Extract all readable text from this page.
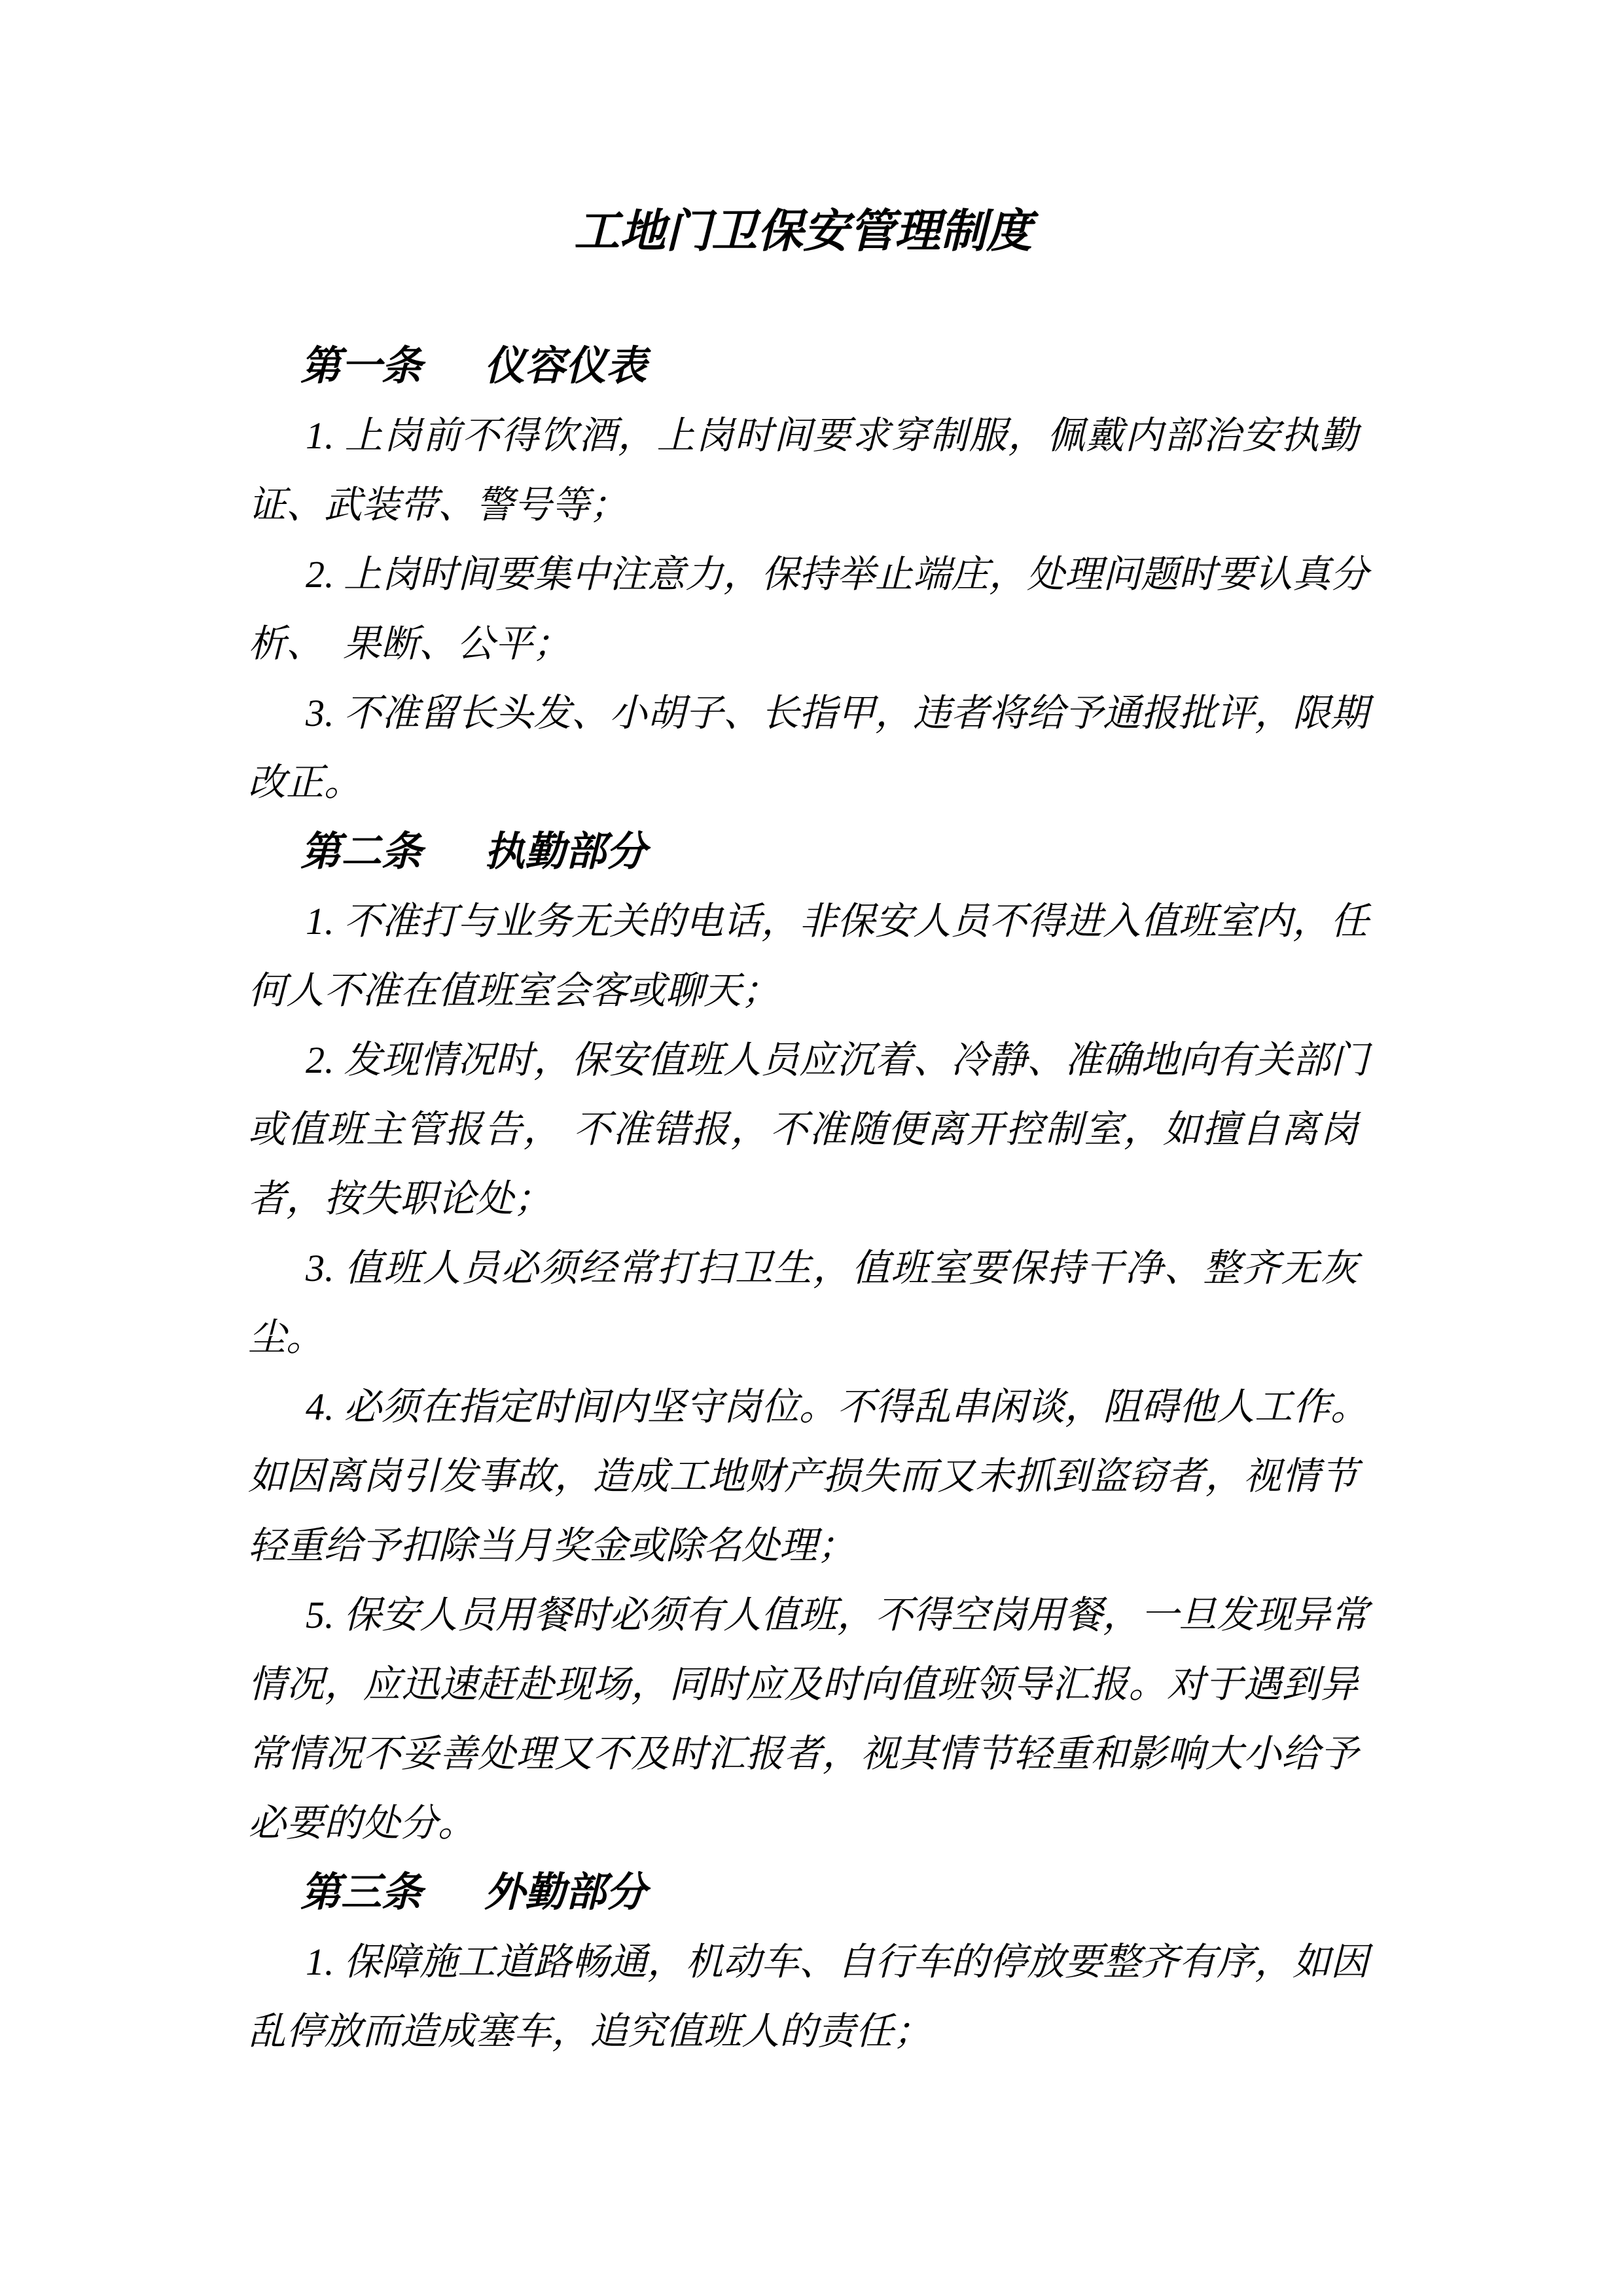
工地门卫保安管理制度
第一条 仪容仪表
1. 上岗前不得饮酒，上岗时间要求穿制服，佩戴内部治安执勤
证、武装带、警号等；
2. 上岗时间要集中注意力，保持举止端庄，处理问题时要认真分
析、　果断、公平；
3. 不准留长头发、小胡子、长指甲，违者将给予通报批评，限期
改正。
第二条 执勤部分
1. 不准打与业务无关的电话，非保安人员不得进入值班室内，任
何人不准在值班室会客或聊天；
2. 发现情况时，保安值班人员应沉着、冷静、准确地向有关部门
或值班主管报告， 不准错报，不准随便离开控制室，如擅自离岗
者，按失职论处；
3. 值班人员必须经常打扫卫生，值班室要保持干净、整齐无灰
尘。
4. 必须在指定时间内坚守岗位。不得乱串闲谈，阻碍他人工作。
如因离岗引发事故，造成工地财产损失而又未抓到盗窃者，视情节
轻重给予扣除当月奖金或除名处理；
5. 保安人员用餐时必须有人值班，不得空岗用餐，一旦发现异常
情况，应迅速赶赴现场，同时应及时向值班领导汇报。对于遇到异
常情况不妥善处理又不及时汇报者，视其情节轻重和影响大小给予
必要的处分。
第三条 外勤部分
1. 保障施工道路畅通，机动车、自行车的停放要整齐有序，如因
乱停放而造成塞车，追究值班人的责任；
